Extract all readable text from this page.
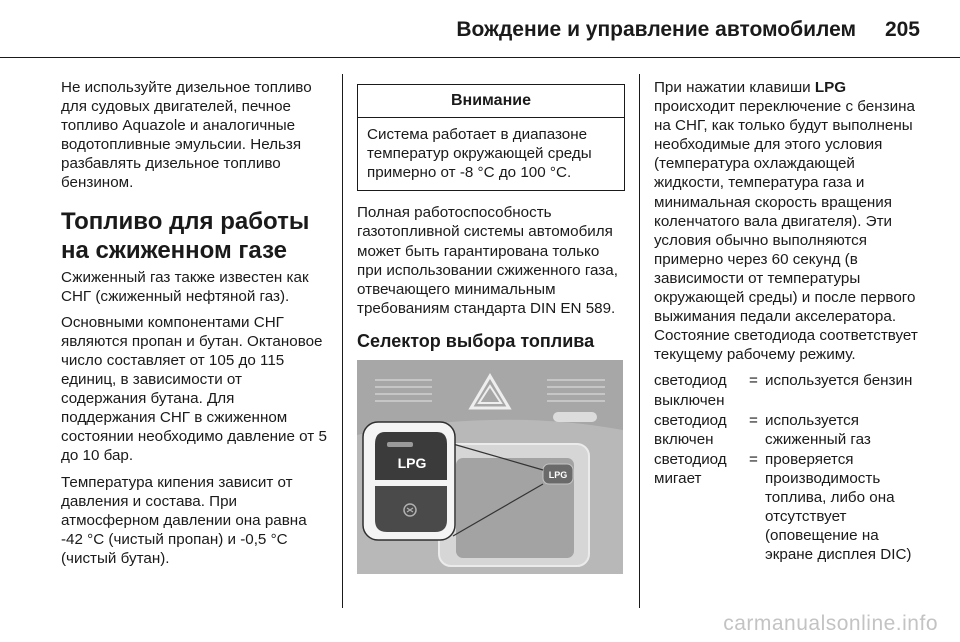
Вождение и управление автомобилем 205

Не используйте дизельное топливо для судовых двигателей, печное топливо Aquazole и аналогичные водотопливные эмульсии. Нельзя разбавлять дизельное топливо бензином.

Топливо для работы на сжиженном газе

Сжиженный газ также известен как СНГ (сжиженный нефтяной газ).

Основными компонентами СНГ являются пропан и бутан. Октановое число составляет от 105 до 115 единиц, в зависимости от содержания бутана. Для поддержания СНГ в сжиженном состоянии необходимо давление от 5 до 10 бар.

Температура кипения зависит от давления и состава. При атмосферном давлении она равна -42 °C (чистый пропан) и -0,5 °C (чистый бутан).

Внимание
Система работает в диапазоне температур окружающей среды примерно от -8 °C до 100 °C.

Полная работоспособность газотопливной системы автомобиля может быть гарантирована только при использовании сжиженного газа, отвечающего минимальным требованиям стандарта DIN EN 589.

Селектор выбора топлива
LPG
LPG

При нажатии клавиши LPG происходит переключение с бензина на СНГ, как только будут выполнены необходимые для этого условия (температура охлаждающей жидкости, температура газа и минимальная скорость вращения коленчатого вала двигателя). Эти условия обычно выполняются примерно через 60 секунд (в зависимости от температуры окружающей среды) и после первого выжимания педали акселератора. Состояние светодиода соответствует текущему рабочему режиму.

светодиод выключен
= используется бензин
светодиод включен
= используется сжиженный газ
светодиод мигает
= проверяется производимость топлива, либо она отсутствует (оповещение на экране дисплея DIC)
carmanualsonline.info
